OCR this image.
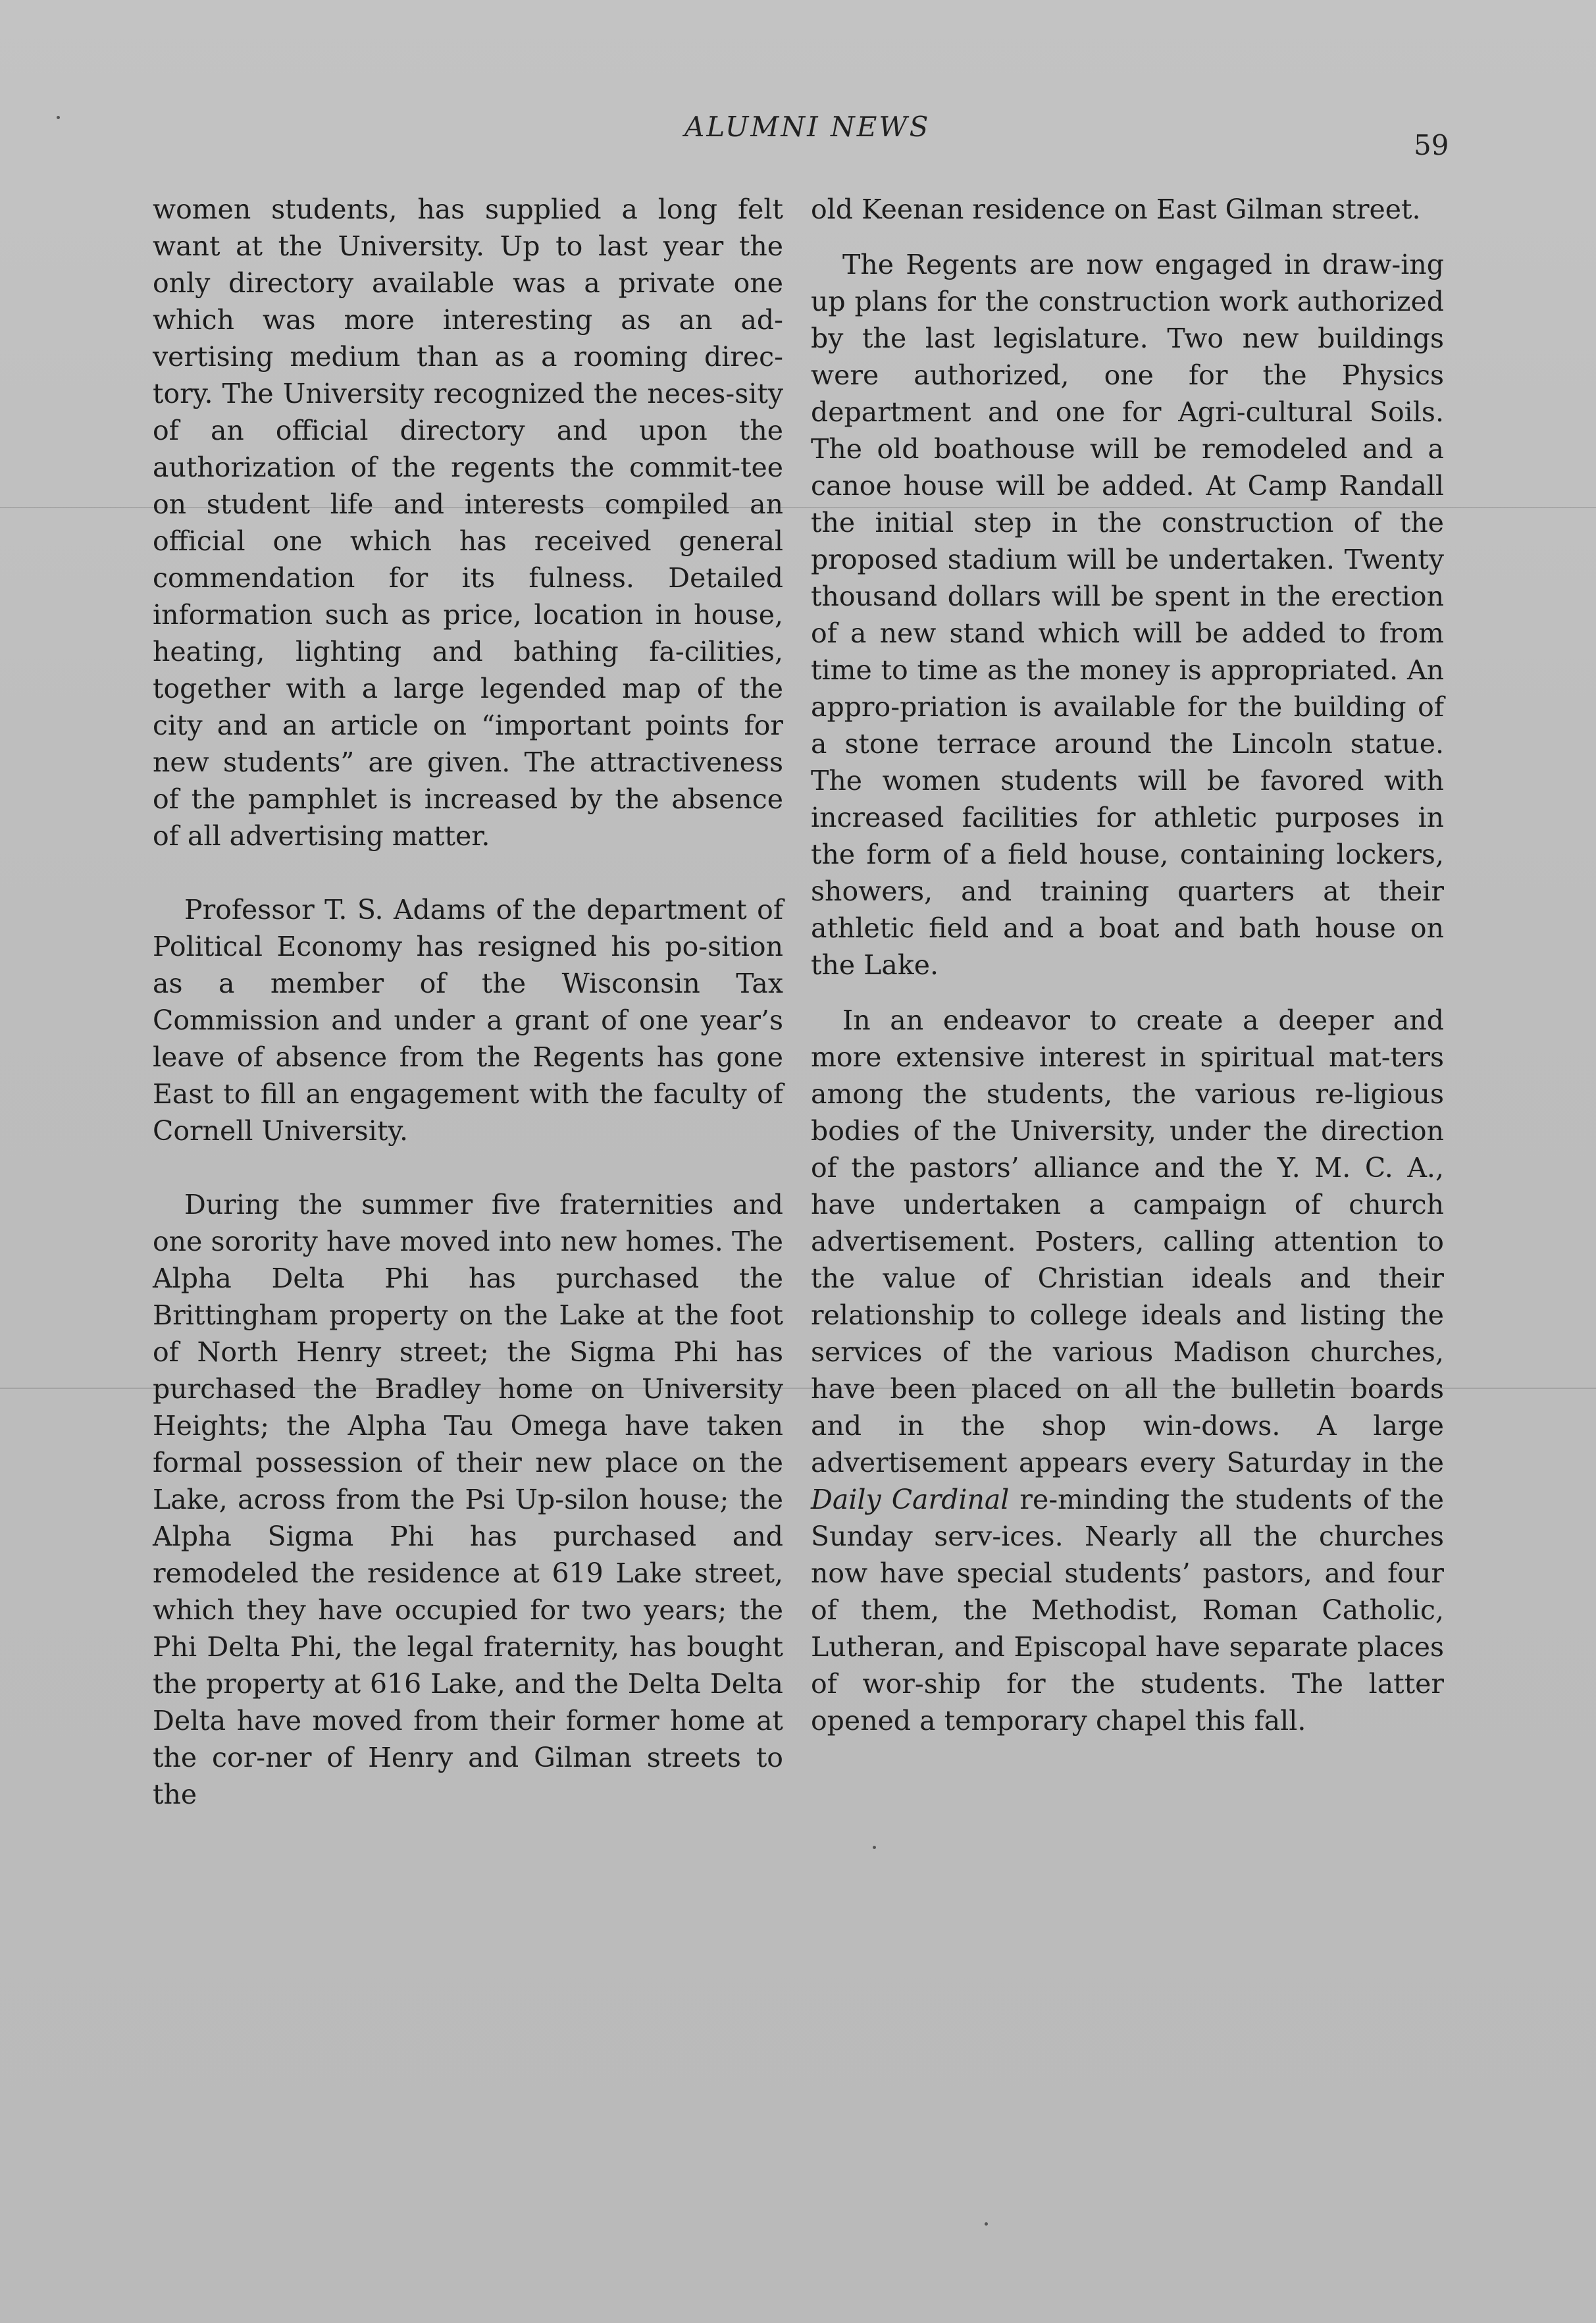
ALUMNI NEWS
59

women students, has supplied a long felt want at the University. Up to last year the only directory available was a private one which was more interesting as an ad-vertising medium than as a rooming direc-tory. The University recognized the neces-sity of an official directory and upon the authorization of the regents the commit-tee on student life and interests compiled an official one which has received general commendation for its fulness. Detailed information such as price, location in house, heating, lighting and bathing fa-cilities, together with a large legended map of the city and an article on “important points for new students” are given. The attractiveness of the pamphlet is increased by the absence of all advertising matter.

Professor T. S. Adams of the department of Political Economy has resigned his po-sition as a member of the Wisconsin Tax Commission and under a grant of one year’s leave of absence from the Regents has gone East to fill an engagement with the faculty of Cornell University.

During the summer five fraternities and one sorority have moved into new homes. The Alpha Delta Phi has purchased the Brittingham property on the Lake at the foot of North Henry street; the Sigma Phi has purchased the Bradley home on University Heights; the Alpha Tau Omega have taken formal possession of their new place on the Lake, across from the Psi Up-silon house; the Alpha Sigma Phi has purchased and remodeled the residence at 619 Lake street, which they have occupied for two years; the Phi Delta Phi, the legal fraternity, has bought the property at 616 Lake, and the Delta Delta Delta have moved from their former home at the cor-ner of Henry and Gilman streets to the

old Keenan residence on East Gilman street.

The Regents are now engaged in draw-ing up plans for the construction work authorized by the last legislature. Two new buildings were authorized, one for the Physics department and one for Agri-cultural Soils. The old boathouse will be remodeled and a canoe house will be added. At Camp Randall the initial step in the construction of the proposed stadium will be undertaken. Twenty thousand dollars will be spent in the erection of a new stand which will be added to from time to time as the money is appropriated. An appro-priation is available for the building of a stone terrace around the Lincoln statue. The women students will be favored with increased facilities for athletic purposes in the form of a field house, containing lockers, showers, and training quarters at their athletic field and a boat and bath house on the Lake.

In an endeavor to create a deeper and more extensive interest in spiritual mat-ters among the students, the various re-ligious bodies of the University, under the direction of the pastors’ alliance and the Y. M. C. A., have undertaken a campaign of church advertisement. Posters, calling attention to the value of Christian ideals and their relationship to college ideals and listing the services of the various Madison churches, have been placed on all the bulletin boards and in the shop win-dows. A large advertisement appears every Saturday in the Daily Cardinal re-minding the students of the Sunday serv-ices. Nearly all the churches now have special students’ pastors, and four of them, the Methodist, Roman Catholic, Lutheran, and Episcopal have separate places of wor-ship for the students. The latter opened a temporary chapel this fall.
